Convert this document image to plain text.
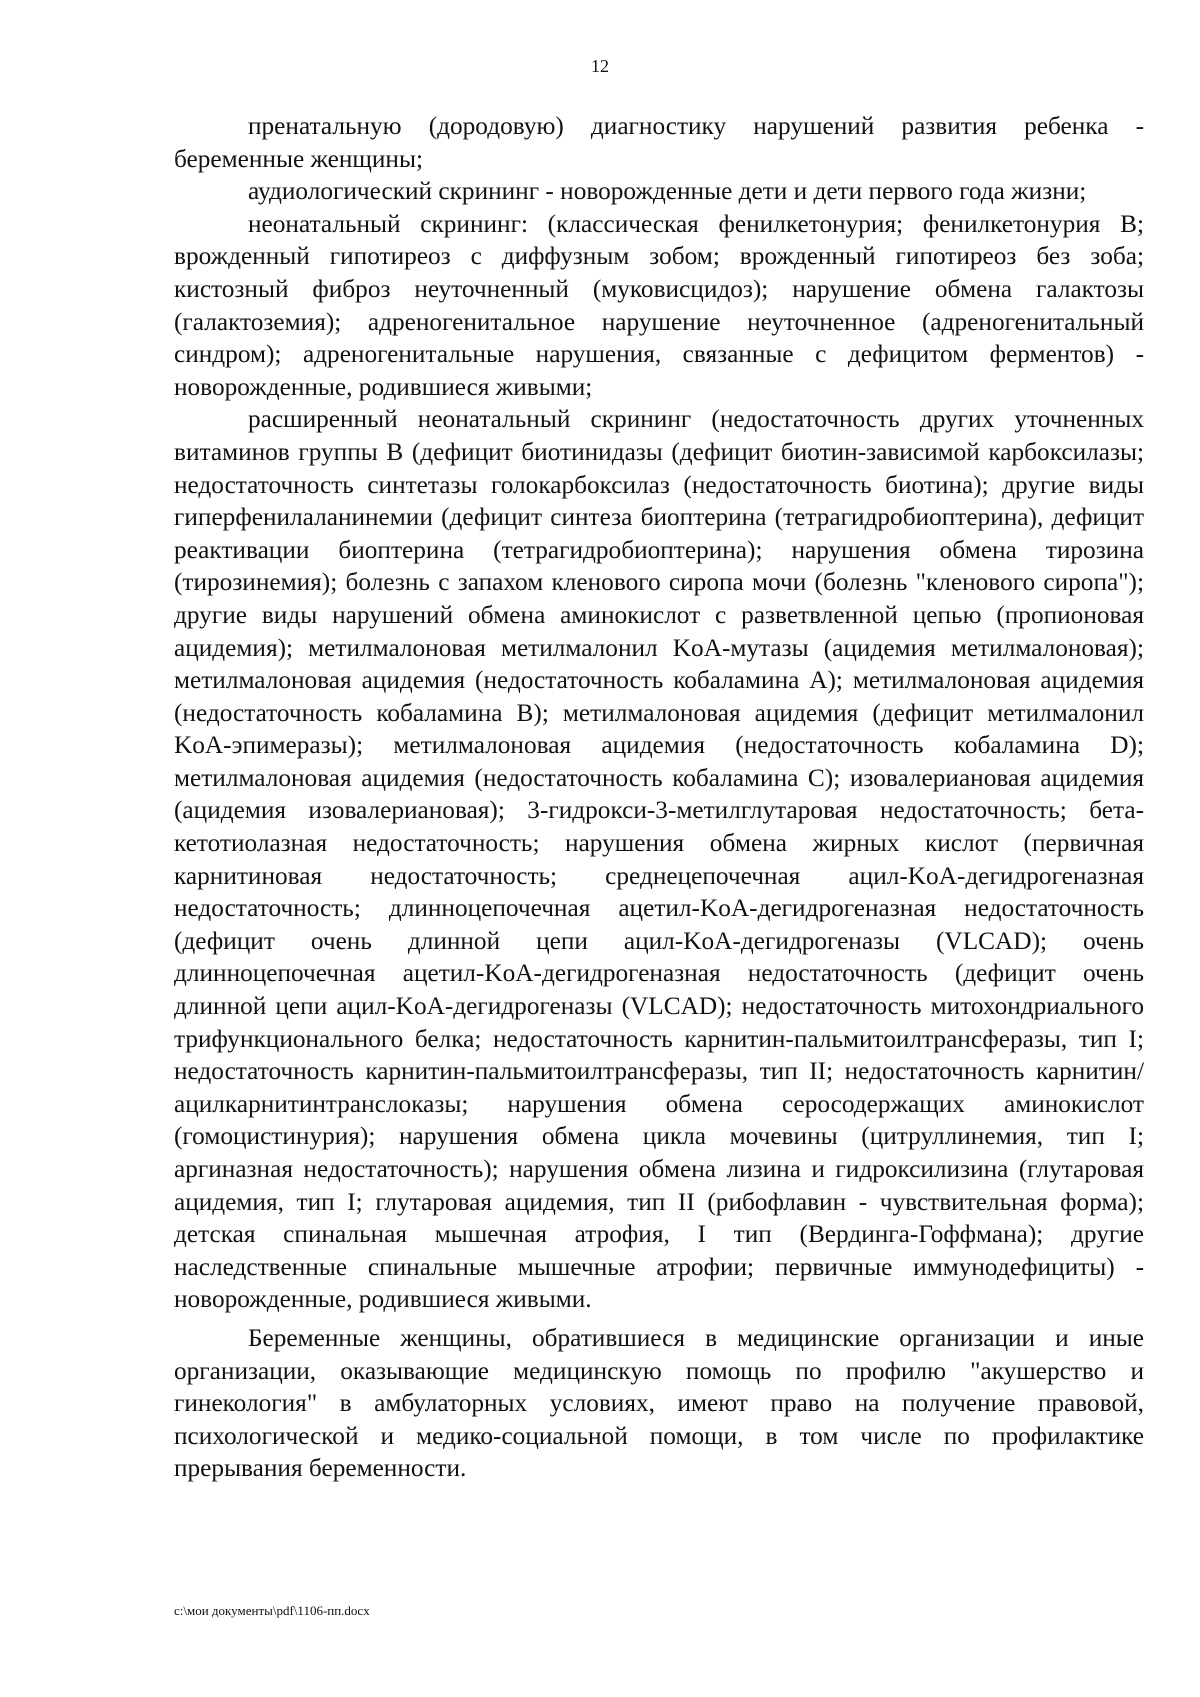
12

пренатальную (дородовую) диагностику нарушений развития ребенка - беременные женщины;

аудиологический скрининг - новорожденные дети и дети первого года жизни;

неонатальный скрининг: (классическая фенилкетонурия; фенилкетонурия B; врожденный гипотиреоз с диффузным зобом; врожденный гипотиреоз без зоба; кистозный фиброз неуточненный (муковисцидоз); нарушение обмена галактозы (галактоземия); адреногенитальное нарушение неуточненное (адреногенитальный синдром); адреногенитальные нарушения, связанные с дефицитом ферментов) - новорожденные, родившиеся живыми;

расширенный неонатальный скрининг (недостаточность других уточненных витаминов группы B (дефицит биотинидазы (дефицит биотин-зависимой карбоксилазы; недостаточность синтетазы голокарбоксилаз (недостаточность биотина); другие виды гиперфенилаланинемии (дефицит синтеза биоптерина (тетрагидробиоптерина), дефицит реактивации биоптерина (тетрагидробиоптерина); нарушения обмена тирозина (тирозинемия); болезнь с запахом кленового сиропа мочи (болезнь "кленового сиропа"); другие виды нарушений обмена аминокислот с разветвленной цепью (пропионовая ацидемия); метилмалоновая метилмалонил KoA-мутазы (ацидемия метилмалоновая); метилмалоновая ацидемия (недостаточность кобаламина A); метилмалоновая ацидемия (недостаточность кобаламина B); метилмалоновая ацидемия (дефицит метилмалонил KoA-эпимеразы); метилмалоновая ацидемия (недостаточность кобаламина D); метилмалоновая ацидемия (недостаточность кобаламина C); изовалериановая ацидемия (ацидемия изовалериановая); 3-гидрокси-3-метилглутаровая недостаточность; бета-кетотиолазная недостаточность; нарушения обмена жирных кислот (первичная карнитиновая недостаточность; среднецепочечная ацил-KoA-дегидрогеназная недостаточность; длинноцепочечная ацетил-KoA-дегидрогеназная недостаточность (дефицит очень длинной цепи ацил-KoA-дегидрогеназы (VLCAD); очень длинноцепочечная ацетил-KoA-дегидрогеназная недостаточность (дефицит очень длинной цепи ацил-KoA-дегидрогеназы (VLCAD); недостаточность митохондриального трифункционального белка; недостаточность карнитин-пальмитоилтрансферазы, тип I; недостаточность карнитин-пальмитоилтрансферазы, тип II; недостаточность карнитин/ацилкарнитинтранслоказы; нарушения обмена серосодержащих аминокислот (гомоцистинурия); нарушения обмена цикла мочевины (цитруллинемия, тип I; аргиназная недостаточность); нарушения обмена лизина и гидроксилизина (глутаровая ацидемия, тип I; глутаровая ацидемия, тип II (рибофлавин - чувствительная форма); детская спинальная мышечная атрофия, I тип (Вердинга-Гоффмана); другие наследственные спинальные мышечные атрофии; первичные иммунодефициты) - новорожденные, родившиеся живыми.

Беременные женщины, обратившиеся в медицинские организации и иные организации, оказывающие медицинскую помощь по профилю "акушерство и гинекология" в амбулаторных условиях, имеют право на получение правовой, психологической и медико-социальной помощи, в том числе по профилактике прерывания беременности.

c:\мои документы\pdf\1106-пп.docx
